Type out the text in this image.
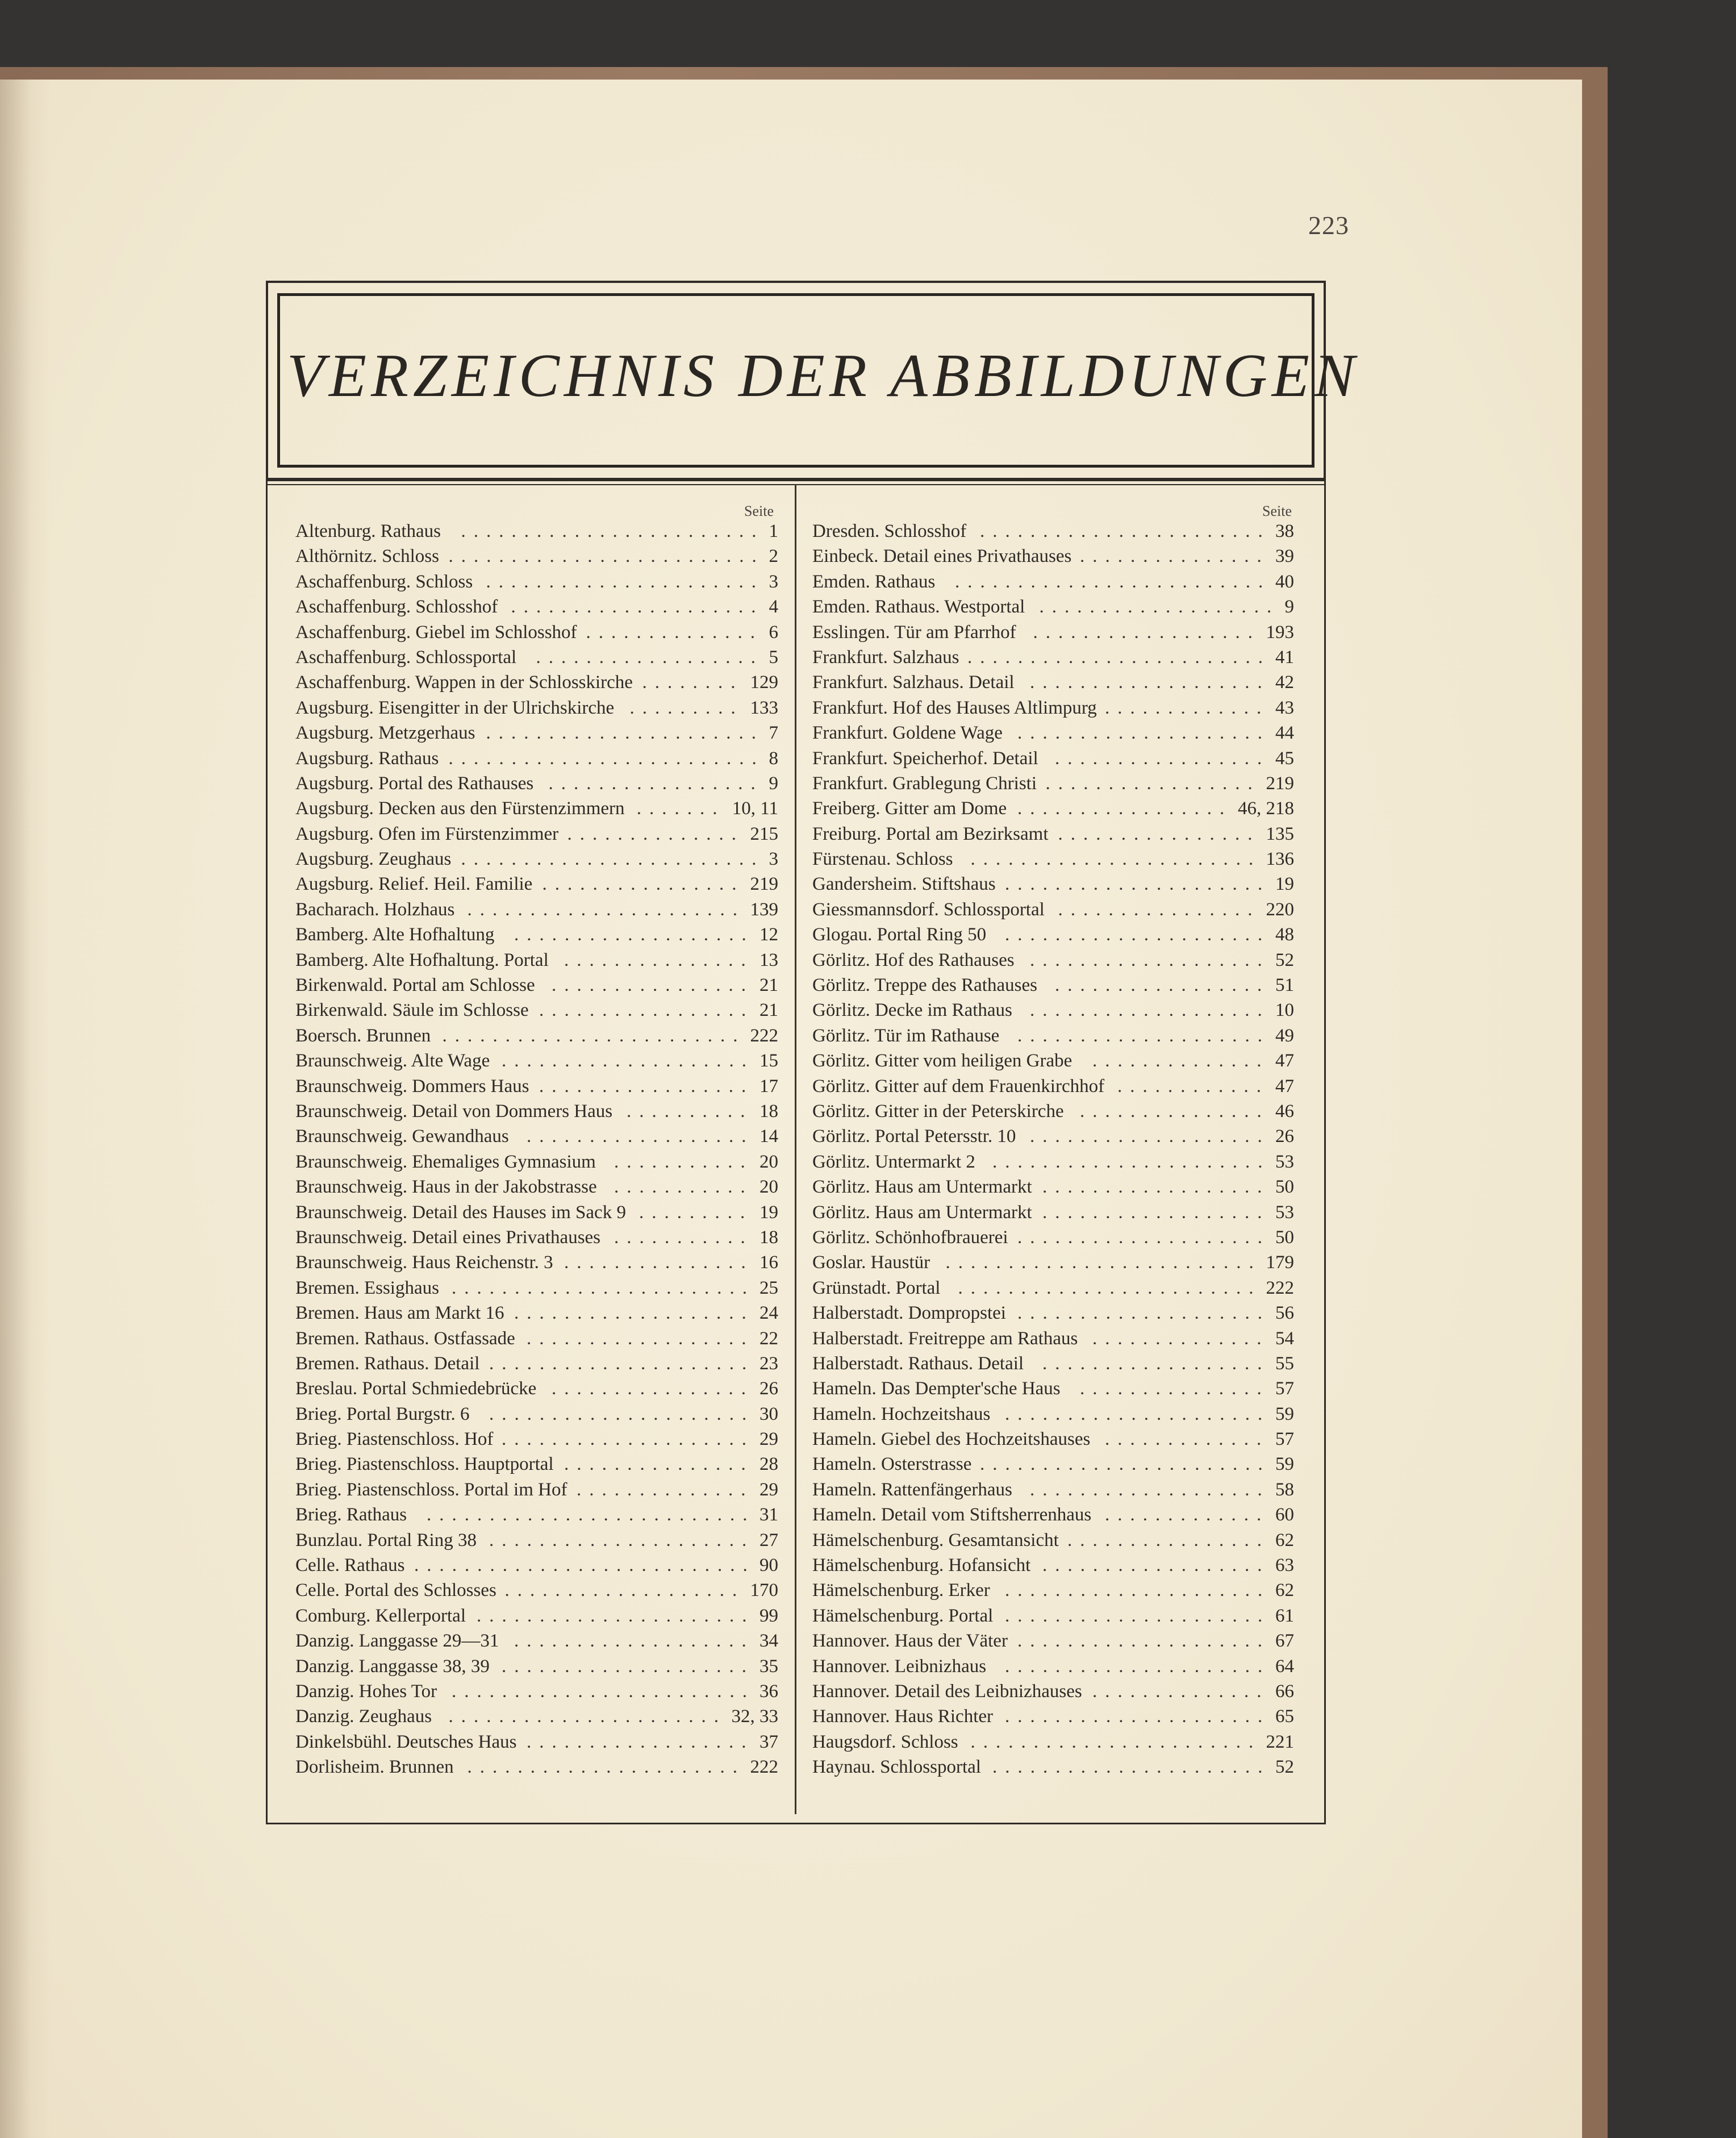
223
VERZEICHNIS DER ABBILDUNGEN
Seite	Seite
Altenburg. Rathaus ........................ 1
Althörnitz. Schloss ......................... 2
Aschaffenburg. Schloss ...................... 3
Aschaffenburg. Schlosshof .................... 4
Aschaffenburg. Giebel im Schlosshof .............. 6
Aschaffenburg. Schlossportal .................. 5
Aschaffenburg. Wappen in der Schlosskirche ........ 129
Augsburg. Eisengitter in der Ulrichskirche ......... 133
Augsburg. Metzgerhaus ...................... 7
Augsburg. Rathaus ......................... 8
Augsburg. Portal des Rathauses ................. 9
Augsburg. Decken aus den Fürstenzimmern ....... 10, 11
Augsburg. Ofen im Fürstenzimmer .............. 215
Augsburg. Zeughaus ........................ 3
Augsburg. Relief. Heil. Familie ................ 219
Bacharach. Holzhaus ...................... 139
Bamberg. Alte Hofhaltung ................... 12
Bamberg. Alte Hofhaltung. Portal ............... 13
Birkenwald. Portal am Schlosse ................ 21
Birkenwald. Säule im Schlosse ................. 21
Boersch. Brunnen ........................ 222
Braunschweig. Alte Wage .................... 15
Braunschweig. Dommers Haus ................. 17
Braunschweig. Detail von Dommers Haus .......... 18
Braunschweig. Gewandhaus .................. 14
Braunschweig. Ehemaliges Gymnasium ........... 20
Braunschweig. Haus in der Jakobstrasse ........... 20
Braunschweig. Detail des Hauses im Sack 9 ......... 19
Braunschweig. Detail eines Privathauses ........... 18
Braunschweig. Haus Reichenstr. 3 ............... 16
Bremen. Essighaus ........................ 25
Bremen. Haus am Markt 16 ................... 24
Bremen. Rathaus. Ostfassade .................. 22
Bremen. Rathaus. Detail ..................... 23
Breslau. Portal Schmiedebrücke ................ 26
Brieg. Portal Burgstr. 6 ..................... 30
Brieg. Piastenschloss. Hof .................... 29
Brieg. Piastenschloss. Hauptportal ............... 28
Brieg. Piastenschloss. Portal im Hof .............. 29
Brieg. Rathaus .......................... 31
Bunzlau. Portal Ring 38 ..................... 27
Celle. Rathaus ........................... 90
Celle. Portal des Schlosses ................... 170
Comburg. Kellerportal ...................... 99
Danzig. Langgasse 29—31 ................... 34
Danzig. Langgasse 38, 39 .................... 35
Danzig. Hohes Tor ........................ 36
Danzig. Zeughaus ...................... 32, 33
Dinkelsbühl. Deutsches Haus .................. 37
Dorlisheim. Brunnen ...................... 222
Dresden. Schlosshof ....................... 38
Einbeck. Detail eines Privathauses ............... 39
Emden. Rathaus ......................... 40
Emden. Rathaus. Westportal ................... 9
Esslingen. Tür am Pfarrhof .................. 193
Frankfurt. Salzhaus ........................ 41
Frankfurt. Salzhaus. Detail ................... 42
Frankfurt. Hof des Hauses Altlimpurg ............. 43
Frankfurt. Goldene Wage .................... 44
Frankfurt. Speicherhof. Detail ................. 45
Frankfurt. Grablegung Christi ................. 219
Freiberg. Gitter am Dome ................. 46, 218
Freiburg. Portal am Bezirksamt ................ 135
Fürstenau. Schloss ....................... 136
Gandersheim. Stiftshaus ..................... 19
Giessmannsdorf. Schlossportal ................ 220
Glogau. Portal Ring 50 ..................... 48
Görlitz. Hof des Rathauses ................... 52
Görlitz. Treppe des Rathauses ................. 51
Görlitz. Decke im Rathaus ................... 10
Görlitz. Tür im Rathause .................... 49
Görlitz. Gitter vom heiligen Grabe .............. 47
Görlitz. Gitter auf dem Frauenkirchhof ............ 47
Görlitz. Gitter in der Peterskirche ............... 46
Görlitz. Portal Petersstr. 10 ................... 26
Görlitz. Untermarkt 2 ...................... 53
Görlitz. Haus am Untermarkt .................. 50
Görlitz. Haus am Untermarkt .................. 53
Görlitz. Schönhofbrauerei .................... 50
Goslar. Haustür ......................... 179
Grünstadt. Portal ........................ 222
Halberstadt. Dompropstei .................... 56
Halberstadt. Freitreppe am Rathaus .............. 54
Halberstadt. Rathaus. Detail .................. 55
Hameln. Das Dempter'sche Haus ............... 57
Hameln. Hochzeitshaus ..................... 59
Hameln. Giebel des Hochzeitshauses ............. 57
Hameln. Osterstrasse ....................... 59
Hameln. Rattenfängerhaus ................... 58
Hameln. Detail vom Stiftsherrenhaus ............. 60
Hämelschenburg. Gesamtansicht ................ 62
Hämelschenburg. Hofansicht .................. 63
Hämelschenburg. Erker ..................... 62
Hämelschenburg. Portal ..................... 61
Hannover. Haus der Väter .................... 67
Hannover. Leibnizhaus ..................... 64
Hannover. Detail des Leibnizhauses .............. 66
Hannover. Haus Richter ..................... 65
Haugsdorf. Schloss ....................... 221
Haynau. Schlossportal ...................... 52
